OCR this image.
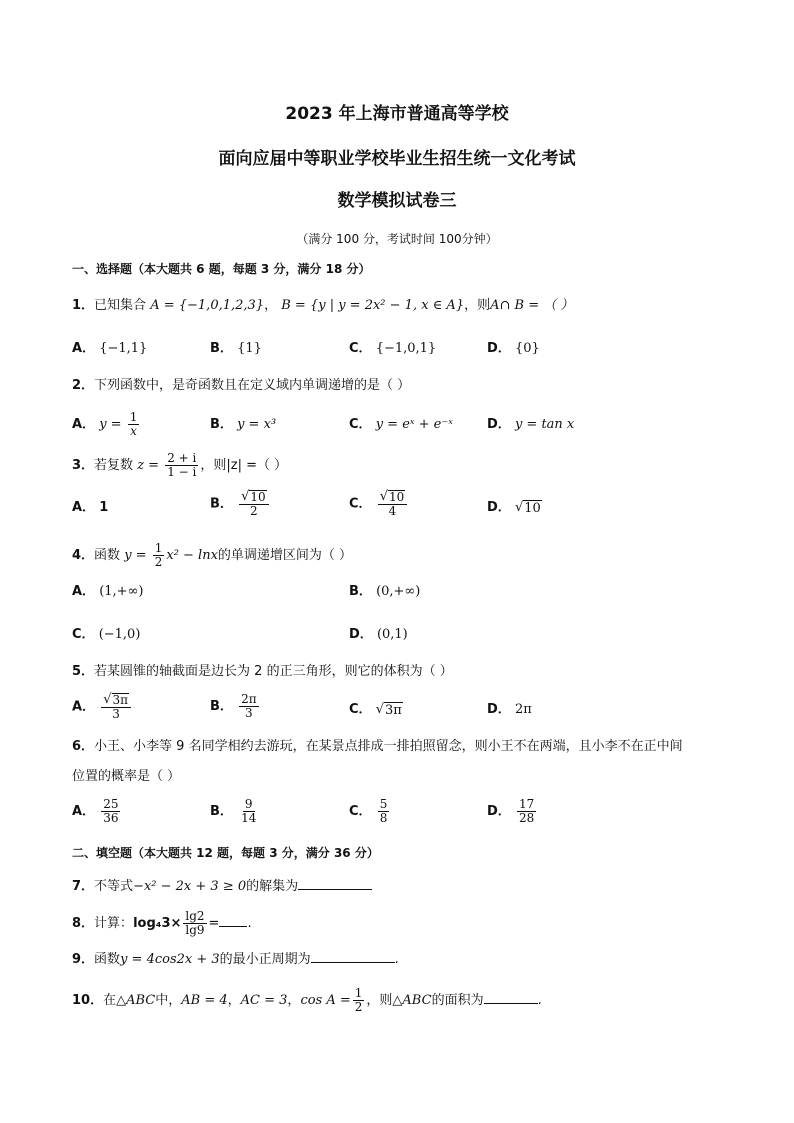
2023 年上海市普通高等学校
面向应届中等职业学校毕业生招生统一文化考试
数学模拟试卷三
（满分 100 分，考试时间 100分钟）
一、选择题（本大题共 6 题，每题 3 分，满分 18 分）
1．已知集合 A = {−1,0,1,2,3}， B = {y | y = 2x² − 1, x ∈ A}，则A∩ B = （ ）
A． {−1,1}	B． {1}	C． {−1,0,1}	D． {0}
2．下列函数中，是奇函数且在定义域内单调递增的是（ ）
A． $y = \frac{1}{x}$	B． y = x³	C． y = eˣ + e⁻ˣ	D． y = tan x
3．若复数 $z = \frac{2 + i}{1 - i}$ ，则|z| =（ ）
A． 1	B． $\frac{√ 10}{2}$	C． $\frac{√ 10}{4}$	D． √ 10
4．函数 $y = \frac{1}{2} x^2 - \ln x$的单调递增区间为（ ）
A． (1,+∞)	B． (0,+∞)
C． (−1,0)	D． (0,1)
5．若某圆锥的轴截面是边长为 2 的正三角形，则它的体积为（ ）
A． $\frac{√ 3\pi}{3}$	B． $\frac{2\pi}{3}$	C． √ 3π	D． 2π
6．小王、小李等 9 名同学相约去游玩，在某景点排成一排拍照留念，则小王不在两端，且小李不在正中间
位置的概率是（ ）
A． $\frac{25}{36}$	B． $\frac{9}{14}$	C． $\frac{5}{8}$	D． $\frac{17}{28}$
二、填空题（本大题共 12 题，每题 3 分，满分 36 分）
7．不等式−x² − 2x + 3 ≥ 0的解集为
8．计算：$\log_43\times \frac{\lg 2}{\lg 9}$ = .
9．函数y = 4cos2x + 3的最小正周期为	.
10．在△ABC中，AB = 4，AC = 3，$\cos A = \frac{1}{2}$ ，则△ABC的面积为	.
